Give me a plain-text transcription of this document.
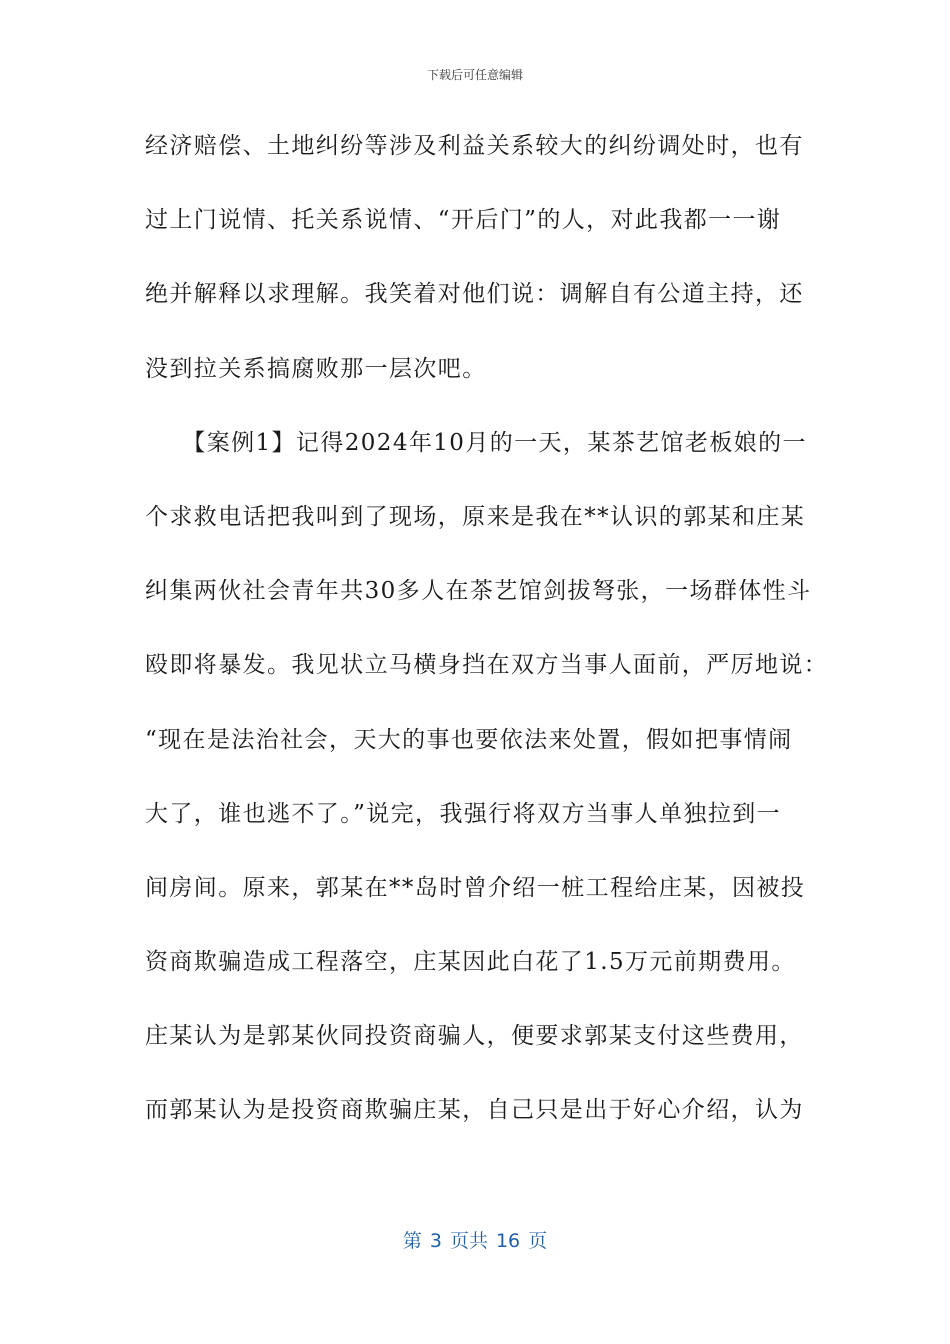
下载后可任意编辑
经济赔偿、土地纠纷等涉及利益关系较大的纠纷调处时，也有
过上门说情、托关系说情、“开后门”的人，对此我都一一谢
绝并解释以求理解。我笑着对他们说：调解自有公道主持，还
没到拉关系搞腐败那一层次吧。
　　【案例1】记得2024年10月的一天，某茶艺馆老板娘的一
个求救电话把我叫到了现场，原来是我在**认识的郭某和庄某
纠集两伙社会青年共30多人在茶艺馆剑拔弩张，一场群体性斗
殴即将暴发。我见状立马横身挡在双方当事人面前，严厉地说：
“现在是法治社会，天大的事也要依法来处置，假如把事情闹
大了，谁也逃不了。”说完，我强行将双方当事人单独拉到一
间房间。原来，郭某在**岛时曾介绍一桩工程给庄某，因被投
资商欺骗造成工程落空，庄某因此白花了1.5万元前期费用。
庄某认为是郭某伙同投资商骗人，便要求郭某支付这些费用，
而郭某认为是投资商欺骗庄某，自己只是出于好心介绍，认为
第 3 页共 16 页
